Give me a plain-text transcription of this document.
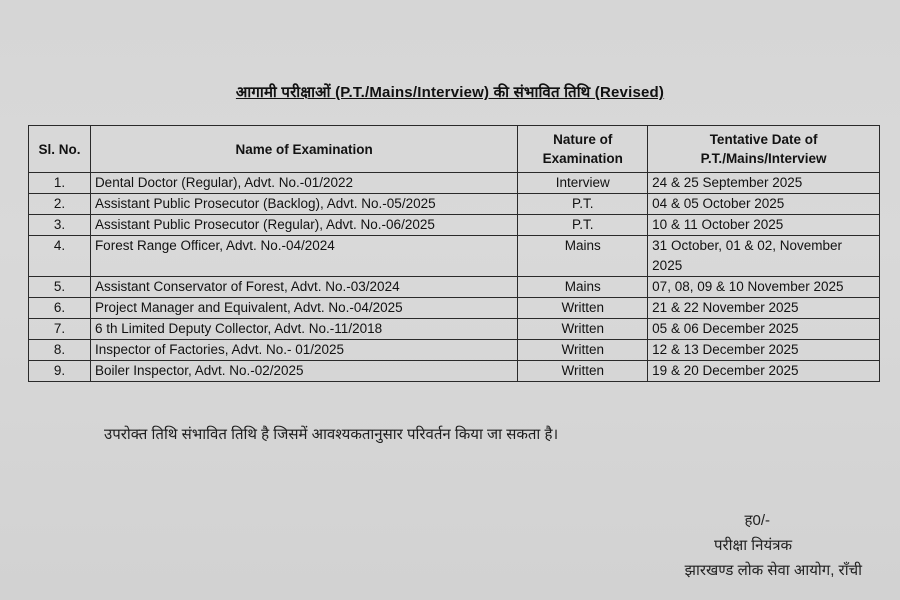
आगामी परीक्षाओं (P.T./Mains/Interview) की संभावित तिथि (Revised)
Sl. No.	Name of Examination	Nature of Examination	Tentative Date of P.T./Mains/Interview
1.	Dental Doctor (Regular), Advt. No.-01/2022	Interview	24 & 25 September 2025
2.	Assistant Public Prosecutor (Backlog), Advt. No.-05/2025	P.T.	04 & 05 October 2025
3.	Assistant Public Prosecutor (Regular), Advt. No.-06/2025	P.T.	10 & 11 October 2025
4.	Forest Range Officer, Advt. No.-04/2024	Mains	31 October, 01 & 02, November 2025
5.	Assistant Conservator of Forest, Advt. No.-03/2024	Mains	07, 08, 09 & 10 November 2025
6.	Project Manager and Equivalent, Advt. No.-04/2025	Written	21 & 22 November 2025
7.	6 th Limited Deputy Collector, Advt. No.-11/2018	Written	05 & 06 December 2025
8.	Inspector of Factories, Advt. No.- 01/2025	Written	12 & 13 December 2025
9.	Boiler Inspector, Advt. No.-02/2025	Written	19 & 20 December 2025
उपरोक्त तिथि संभावित तिथि है जिसमें आवश्यकतानुसार परिवर्तन किया जा सकता है।
ह0/-
परीक्षा नियंत्रक
झारखण्ड लोक सेवा आयोग, राँची
